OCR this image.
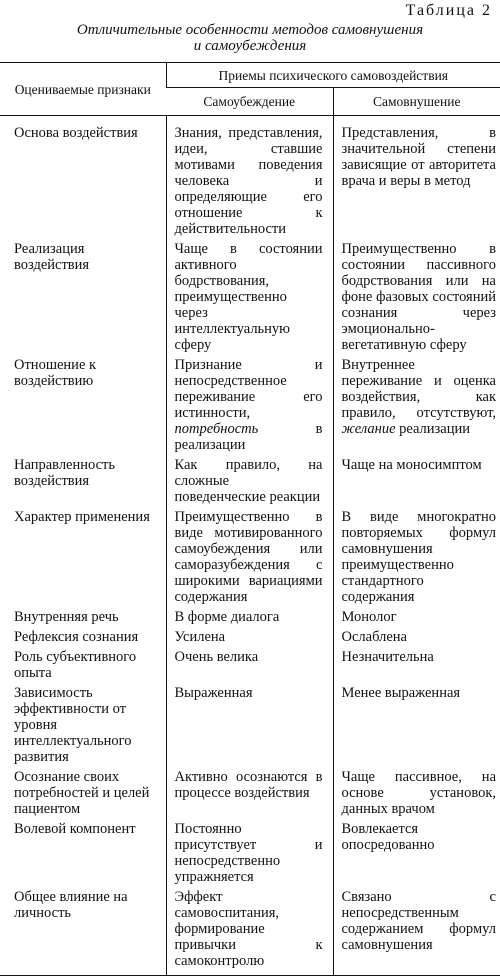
Таблица 2
Отличительные особенности методов самовнушения
и самоубеждения
Оцениваемые признаки	Приемы психического самовоздействия	
	Самоубеждение	Самовнушение
Основа воздействия	Знания, представления, идеи, ставшие мотивами поведения человека и определяющие его отношение к действительности	Представления, в значительной степени зависящие от авторитета врача и веры в метод
Реализация воздействия	Чаще в состоянии активного бодрствования, преимущественно через интеллектуальную сферу	Преимущественно в состоянии пассивного бодрствования или на фоне фазовых состояний сознания через эмоционально-вегетативную сферу
Отношение к воздействию	Признание и непосредственное переживание его истинности, потребность в реализации	Внутреннее переживание и оценка воздействия, как правило, отсутствуют, желание реализации
Направленность воздействия	Как правило, на сложные поведенческие реакции	Чаще на моносимптом
Характер применения	Преимущественно в виде мотивированного самоубеждения или саморазубеждения с широкими вариациями содержания	В виде многократно повторяемых формул самовнушения преимущественно стандартного содержания
Внутренняя речь	В форме диалога	Монолог
Рефлексия сознания	Усилена	Ослаблена
Роль субъективного опыта	Очень велика	Незначительна
Зависимость эффективности от уровня интеллектуального развития	Выраженная	Менее выраженная
Осознание своих потребностей и целей пациентом	Активно осознаются в процессе воздействия	Чаще пассивное, на основе установок, данных врачом
Волевой компонент	Постоянно присутствует и непосредственно упражняется	Вовлекается опосредованно
Общее влияние на личность	Эффект самовоспитания, формирование привычки к самоконтролю	Связано с непосредственным содержанием формул самовнушения
